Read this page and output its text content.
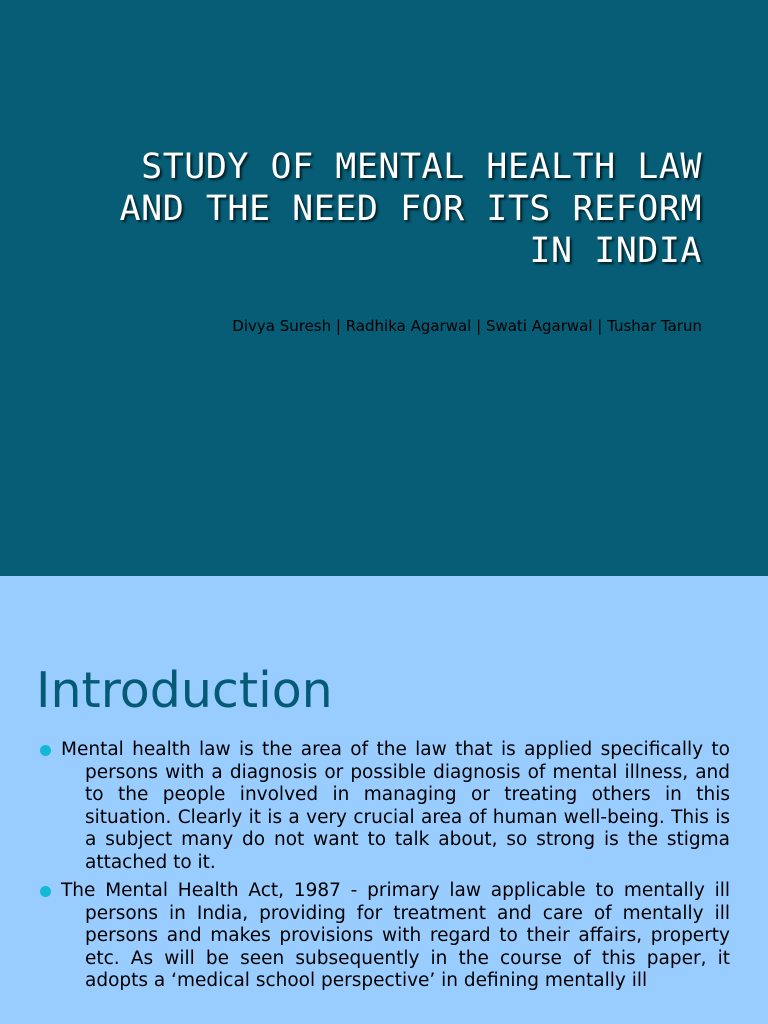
STUDY OF MENTAL HEALTH LAW
AND THE NEED FOR ITS REFORM
IN INDIA
Divya Suresh | Radhika Agarwal | Swati Agarwal | Tushar Tarun
Introduction
Mental health law is the area of the law that is applied specifically to persons with a diagnosis or possible diagnosis of mental illness, and to the people involved in managing or treating others in this situation. Clearly it is a very crucial area of human well-being. This is a subject many do not want to talk about, so strong is the stigma attached to it.
The Mental Health Act, 1987 - primary law applicable to mentally ill persons in India, providing for treatment and care of mentally ill persons and makes provisions with regard to their affairs, property etc. As will be seen subsequently in the course of this paper, it adopts a ‘medical school perspective’ in defining mentally ill
